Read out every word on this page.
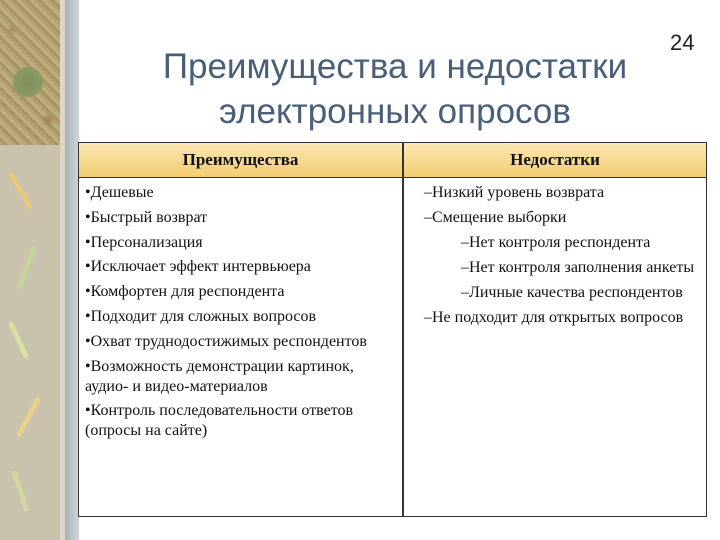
24
Преимущества и недостатки
электронных опросов
Преимущества	Недостатки
•Дешевые
•Быстрый возврат
•Персонализация
•Исключает эффект интервьюера
•Комфортен для респондента
•Подходит для сложных вопросов
•Охват труднодостижимых респондентов
•Возможность демонстрации картинок, аудио- и видео-материалов
•Контроль последовательности ответов (опросы на сайте)
–Низкий уровень возврата
–Смещение выборки
–Нет контроля респондента
–Нет контроля заполнения анкеты
–Личные качества респондентов
–Не подходит для открытых вопросов
